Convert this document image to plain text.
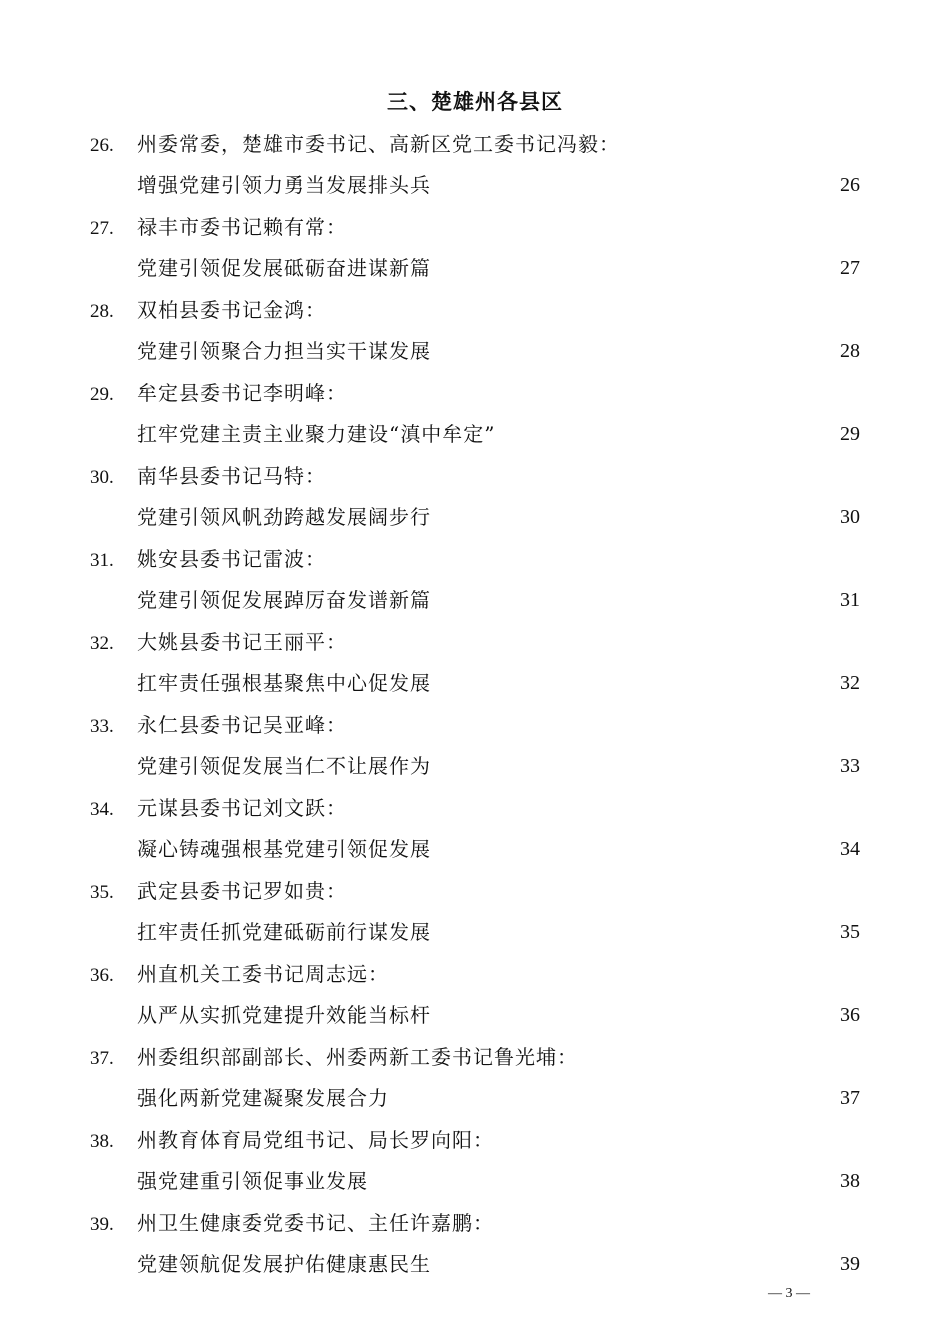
三、楚雄州各县区
26. 州委常委，楚雄市委书记、高新区党工委书记冯毅：
增强党建引领力勇当发展排头兵	26
27. 禄丰市委书记赖有常：
党建引领促发展砥砺奋进谋新篇	27
28. 双柏县委书记金鸿：
党建引领聚合力担当实干谋发展	28
29. 牟定县委书记李明峰：
扛牢党建主责主业聚力建设“滇中牟定”	29
30. 南华县委书记马特：
党建引领风帆劲跨越发展阔步行	30
31. 姚安县委书记雷波：
党建引领促发展踔厉奋发谱新篇	31
32. 大姚县委书记王丽平：
扛牢责任强根基聚焦中心促发展	32
33. 永仁县委书记吴亚峰：
党建引领促发展当仁不让展作为	33
34. 元谋县委书记刘文跃：
凝心铸魂强根基党建引领促发展	34
35. 武定县委书记罗如贵：
扛牢责任抓党建砥砺前行谋发展	35
36. 州直机关工委书记周志远：
从严从实抓党建提升效能当标杆	36
37. 州委组织部副部长、州委两新工委书记鲁光埔：
强化两新党建凝聚发展合力	37
38. 州教育体育局党组书记、局长罗向阳：
强党建重引领促事业发展	38
39. 州卫生健康委党委书记、主任许嘉鹏：
党建领航促发展护佑健康惠民生	39
— 3 —
